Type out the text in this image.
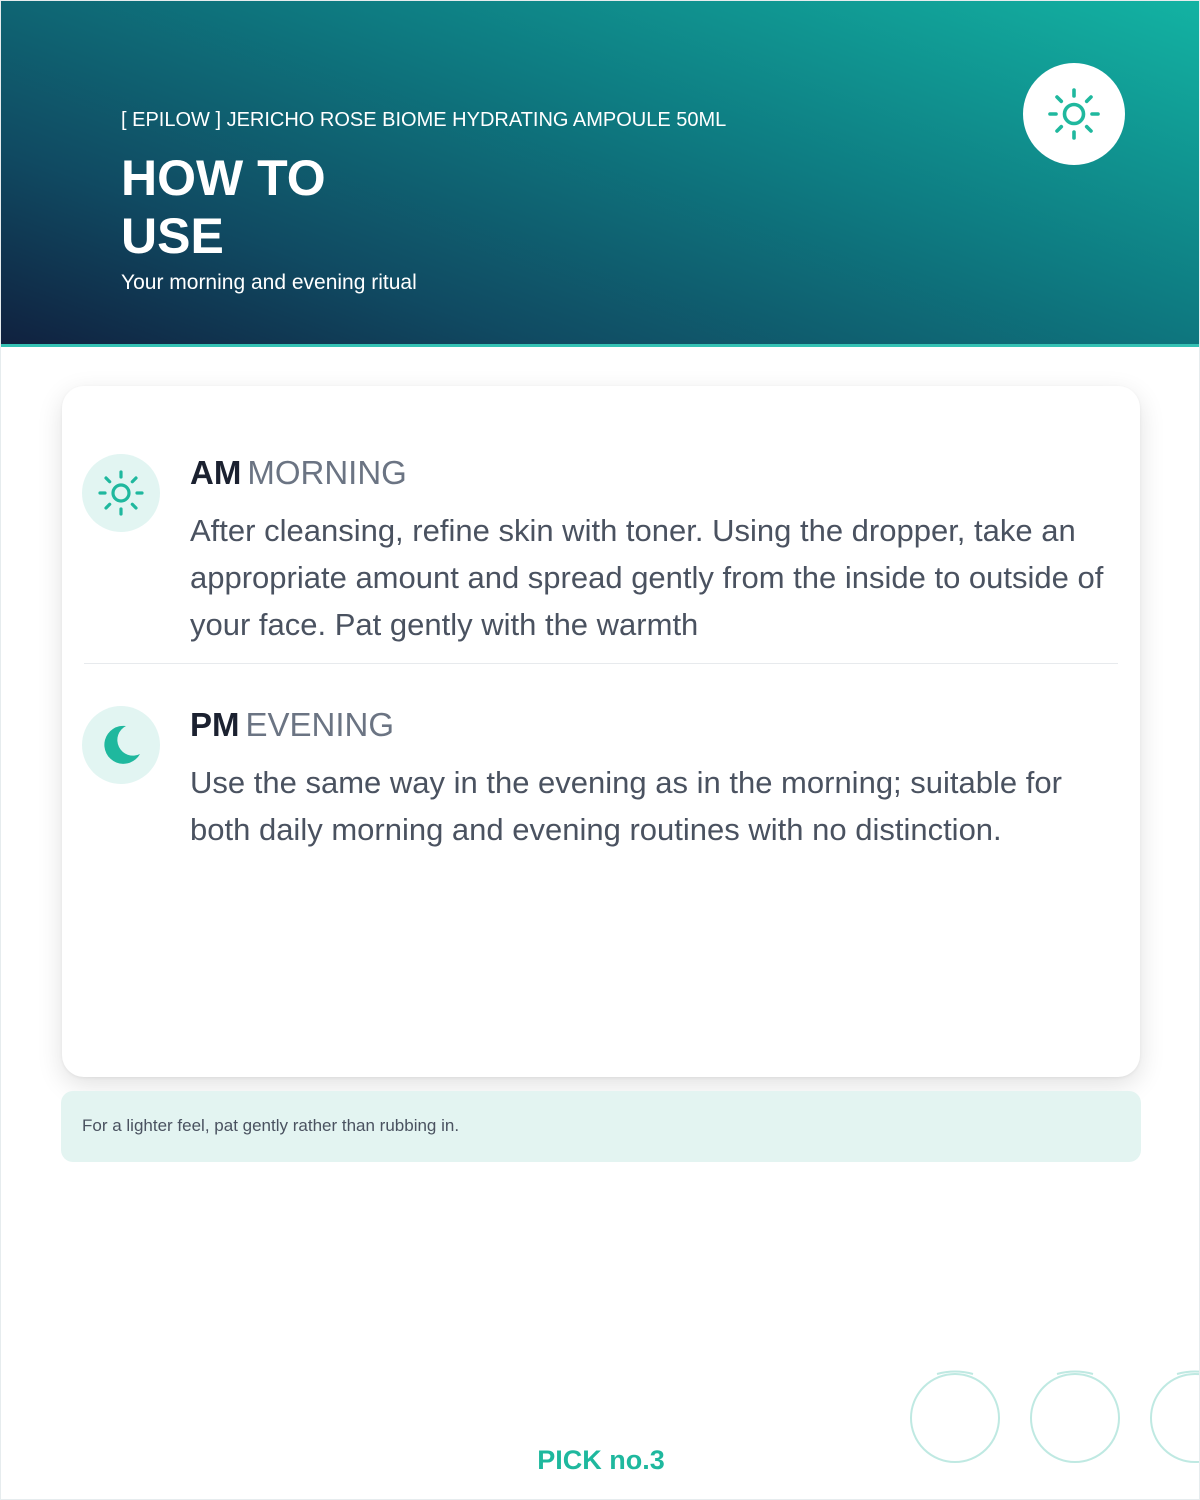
[ EPILOW ] JERICHO ROSE BIOME HYDRATING AMPOULE 50ML
HOW TO
USE
Your morning and evening ritual
AM MORNING
After cleansing, refine skin with toner. Using the dropper, take an appropriate amount and spread gently from the inside to outside of your face. Pat gently with the warmth
PM EVENING
Use the same way in the evening as in the morning; suitable for both daily morning and evening routines with no distinction.
For a lighter feel, pat gently rather than rubbing in.
PICK no.3
